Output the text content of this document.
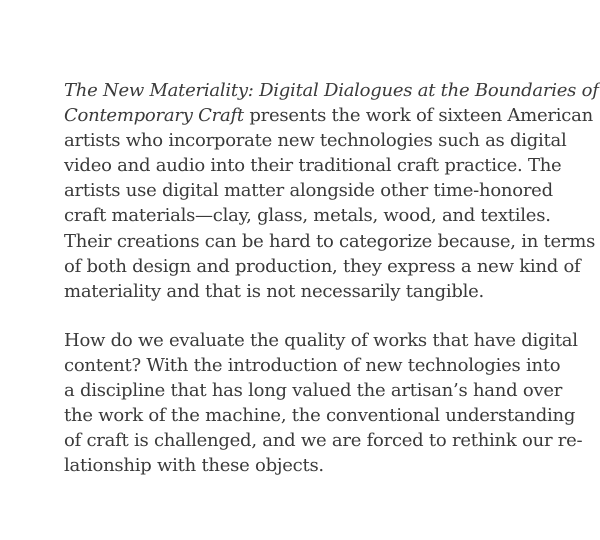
The New Materiality: Digital Dialogues at the Boundaries of
Contemporary Craft presents the work of sixteen American
artists who incorporate new technologies such as digital
video and audio into their traditional craft practice. The
artists use digital matter alongside other time-honored
craft materials—clay, glass, metals, wood, and textiles.
Their creations can be hard to categorize because, in terms
of both design and production, they express a new kind of
materiality and that is not necessarily tangible.

How do we evaluate the quality of works that have digital
content? With the introduction of new technologies into
a discipline that has long valued the artisan’s hand over
the work of the machine, the conventional understanding
of craft is challenged, and we are forced to rethink our re-
lationship with these objects.
